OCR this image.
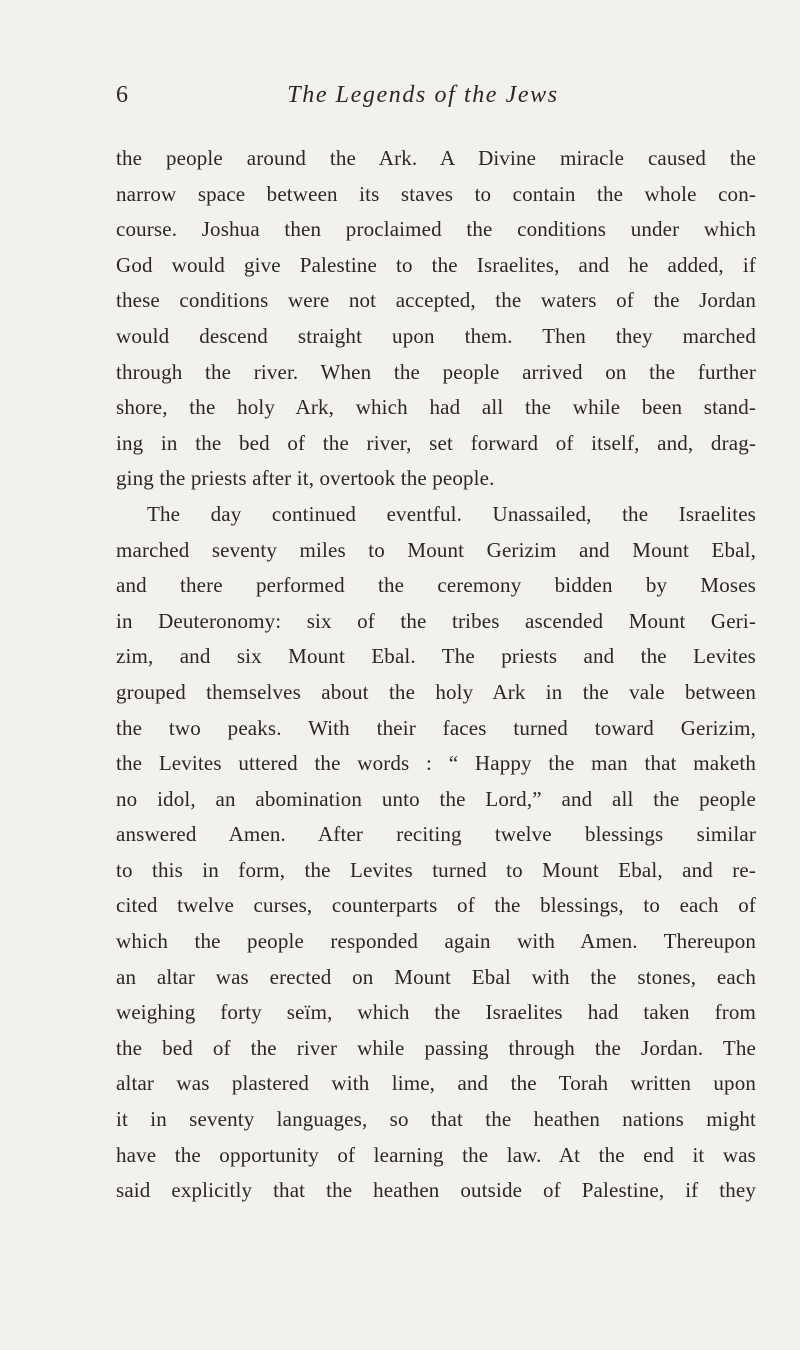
6	The Legends of the Jews
the people around the Ark. A Divine miracle caused the
narrow space between its staves to contain the whole con-
course. Joshua then proclaimed the conditions under which
God would give Palestine to the Israelites, and he added, if
these conditions were not accepted, the waters of the Jordan
would descend straight upon them. Then they marched
through the river. When the people arrived on the further
shore, the holy Ark, which had all the while been stand-
ing in the bed of the river, set forward of itself, and, drag-
ging the priests after it, overtook the people.
The day continued eventful. Unassailed, the Israelites
marched seventy miles to Mount Gerizim and Mount Ebal,
and there performed the ceremony bidden by Moses
in Deuteronomy: six of the tribes ascended Mount Geri-
zim, and six Mount Ebal. The priests and the Levites
grouped themselves about the holy Ark in the vale between
the two peaks. With their faces turned toward Gerizim,
the Levites uttered the words : “ Happy the man that maketh
no idol, an abomination unto the Lord,” and all the people
answered Amen. After reciting twelve blessings similar
to this in form, the Levites turned to Mount Ebal, and re-
cited twelve curses, counterparts of the blessings, to each of
which the people responded again with Amen. Thereupon
an altar was erected on Mount Ebal with the stones, each
weighing forty seïm, which the Israelites had taken from
the bed of the river while passing through the Jordan. The
altar was plastered with lime, and the Torah written upon
it in seventy languages, so that the heathen nations might
have the opportunity of learning the law. At the end it was
said explicitly that the heathen outside of Palestine, if they
